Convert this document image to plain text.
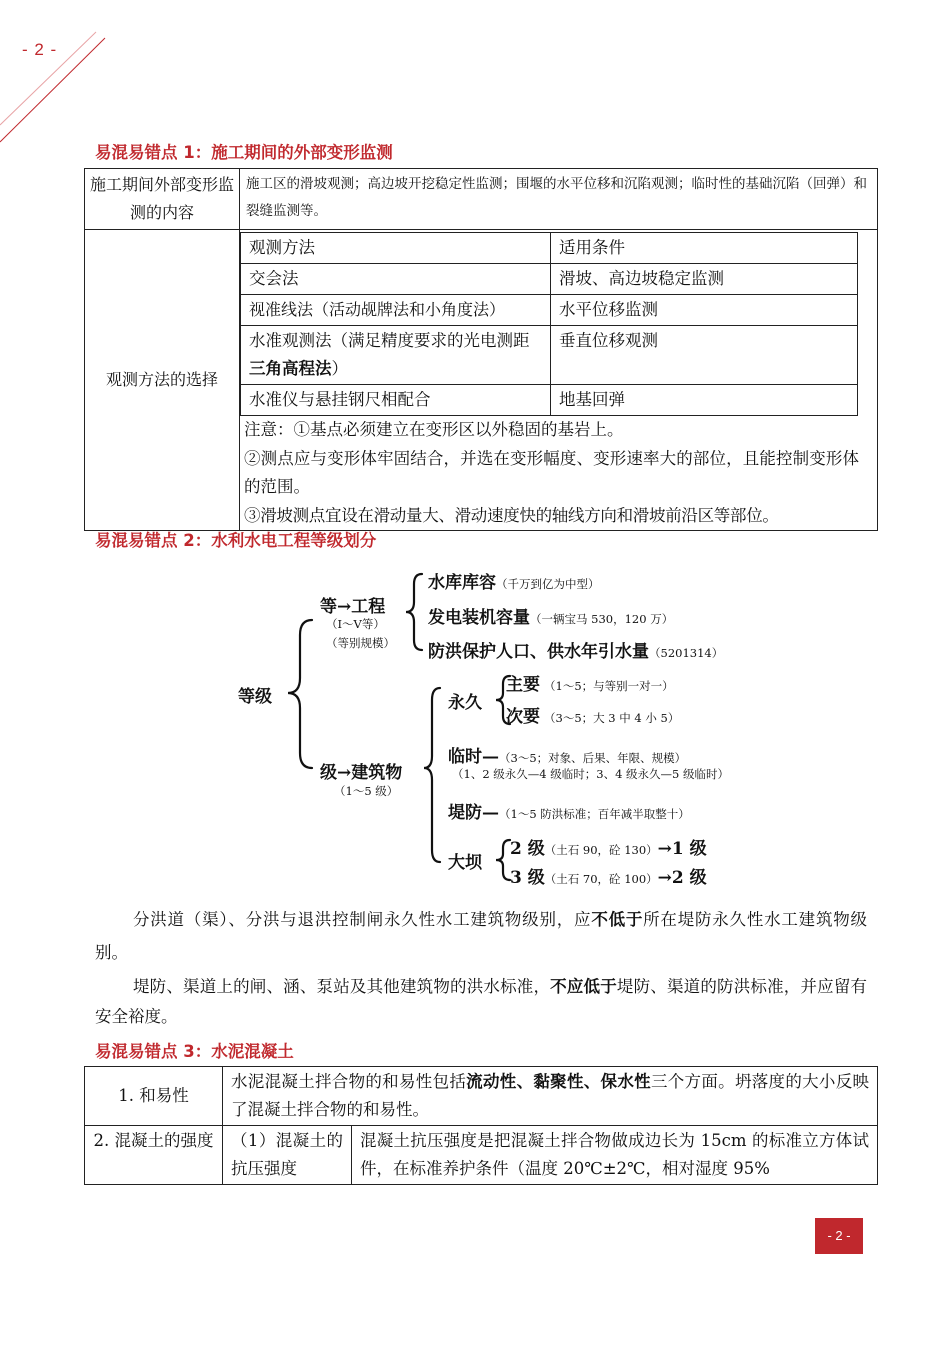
- 2 -
易混易错点 1：施工期间的外部变形监测
施工期间外部变形监测的内容	施工区的滑坡观测；高边坡开挖稳定性监测；围堰的水平位移和沉陷观测；临时性的基础沉陷（回弹）和裂缝监测等。
观测方法的选择	
观测方法	适用条件
交会法	滑坡、高边坡稳定监测
视准线法（活动觇牌法和小角度法）	水平位移监测
水准观测法（满足精度要求的光电测距三角高程法）	垂直位移观测
水准仪与悬挂钢尺相配合	地基回弹
注意：①基点必须建立在变形区以外稳固的基岩上。
②测点应与变形体牢固结合，并选在变形幅度、变形速率大的部位，且能控制变形体的范围。
③滑坡测点宜设在滑动量大、滑动速度快的轴线方向和滑坡前沿区等部位。
易混易错点 2：水利水电工程等级划分
等级
等→工程
（Ⅰ～Ⅴ等）
（等别规模）
水库库容（千万到亿为中型）
发电装机容量（一辆宝马 530，120 万）
防洪保护人口、供水年引水量（5201314）
级→建筑物
（1～5 级）
永久
主要 （1～5；与等别一对一）
次要 （3～5；大 3 中 4 小 5）
临时—（3～5；对象、后果、年限、规模）
（1、2 级永久—4 级临时；3、4 级永久—5 级临时）
堤防—（1～5 防洪标准；百年减半取整十）
大坝
2 级（土石 90，砼 130）→1 级
3 级（土石 70，砼 100）→2 级
分洪道（渠）、分洪与退洪控制闸永久性水工建筑物级别，应不低于所在堤防永久性水工建筑物级别。
堤防、渠道上的闸、涵、泵站及其他建筑物的洪水标准，不应低于堤防、渠道的防洪标准，并应留有安全裕度。
易混易错点 3：水泥混凝土
1. 和易性	水泥混凝土拌合物的和易性包括流动性、黏聚性、保水性三个方面。坍落度的大小反映了混凝土拌合物的和易性。	
2. 混凝土的强度	（1）混凝土的抗压强度	混凝土抗压强度是把混凝土拌合物做成边长为 15cm 的标准立方体试件，在标准养护条件（温度 20℃±2℃，相对湿度 95%
- 2 -
